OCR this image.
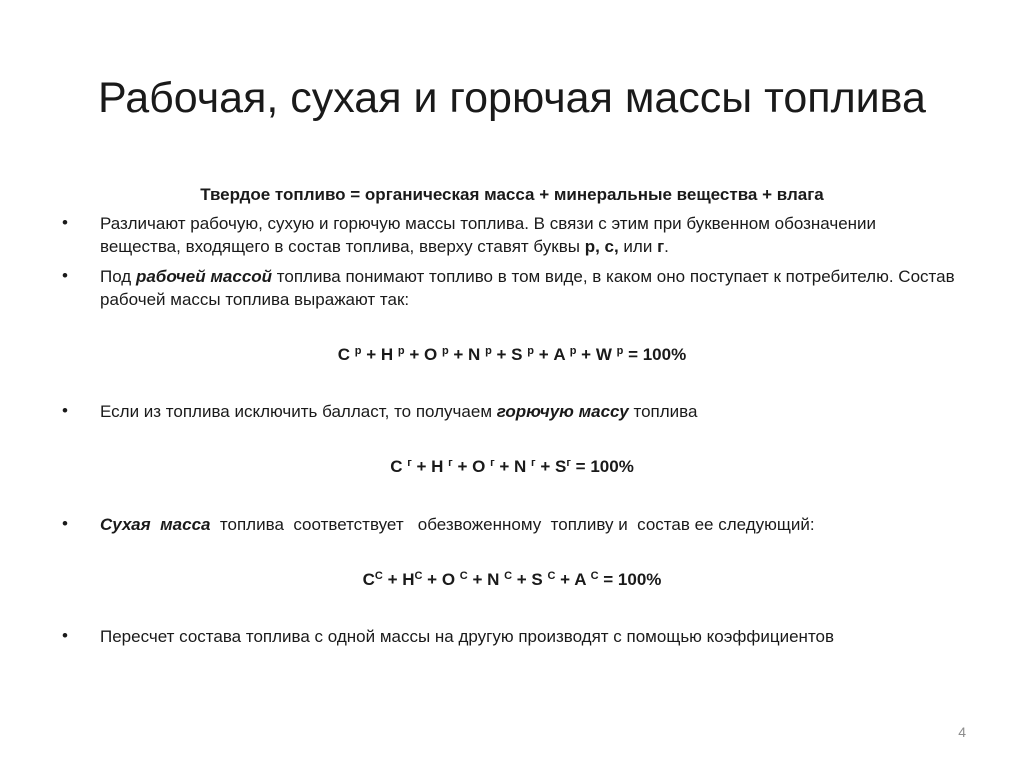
Рабочая, сухая и горючая массы топлива
Твердое топливо = органическая масса + минеральные вещества + влага
• Различают рабочую, сухую и горючую массы топлива. В связи с этим при буквенном обозначении вещества, входящего в состав топлива, вверху ставят буквы р, с, или г.
• Под рабочей массой топлива понимают топливо в том виде, в каком оно поступает к потребителю. Состав рабочей массы топлива выражают так:
C $^р$ + H $^р$ + O $^р$ + N $^р$ + S $^р$ + A $^р$ + W $^р$ = 100%
• Если из топлива исключить балласт, то получаем горючую массу топлива
C $^г$ + H $^г$ + O $^г$ + N $^г + S^г = 100\%$
• Сухая  масса  топлива  соответствует   обезвоженному  топливу и  состав ее следующий:
$C^C + H^C + O$ $^C$ + N $^C$ + S $^C$ + A $^C$ = 100%
• Пересчет состава топлива с одной массы на другую производят с помощью коэффициентов
4
